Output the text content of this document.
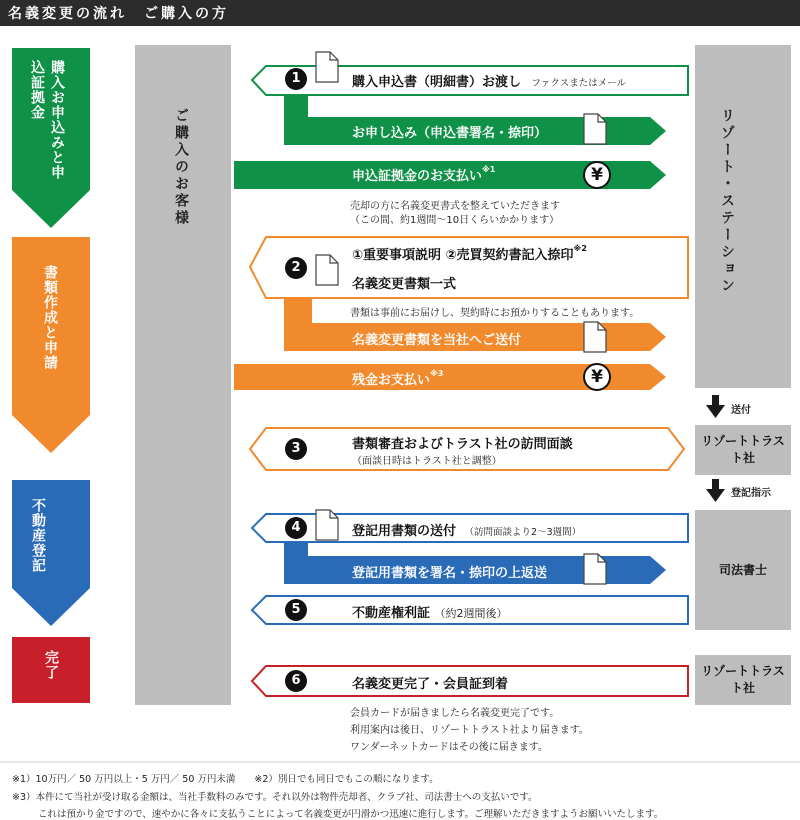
名義変更の流れ　ご購入の方
購入お申込みと申込証拠金
書類作成と申請
不動産登記
完了
ご購入のお客様	リゾート・ステーション
リゾートトラスト社
司法書士
リゾートトラスト社
送付
登記指示
1	購入申込書（明細書）お渡し ファクスまたはメール
お申し込み（申込書署名・捺印）
申込証拠金のお支払い$^{※1}$	¥
売却の方に名義変更書式を整えていただきます
（この間、約1週間〜10日くらいかかります）
2
①重要事項説明 ②売買契約書記入捺印$^{※2}$
名義変更書類一式
書類は事前にお届けし、契約時にお預かりすることもあります。
名義変更書類を当社へご送付
残金お支払い$^{※3}$	¥
3	書類審査およびトラスト社の訪問面談
（面談日時はトラスト社と調整）
4	登記用書類の送付 （訪問面談より2〜3週間）
登記用書類を署名・捺印の上返送
5	不動産権利証 （約2週間後）
6	名義変更完了・会員証到着
会員カードが届きましたら名義変更完了です。
利用案内は後日、リゾートトラスト社より届きます。
ワンダーネットカードはその後に届きます。
※1）10万円／ 50 万円以上・5 万円／ 50 万円未満　　※2）別日でも同日でもこの順になります。
※3）本件にて当社が受け取る金額は、当社手数料のみです。それ以外は物件売却者、クラブ社、司法書士への支払いです。
これは預かり金ですので、速やかに各々に支払うことによって名義変更が円滑かつ迅速に進行します。ご理解いただきますようお願いいたします。
